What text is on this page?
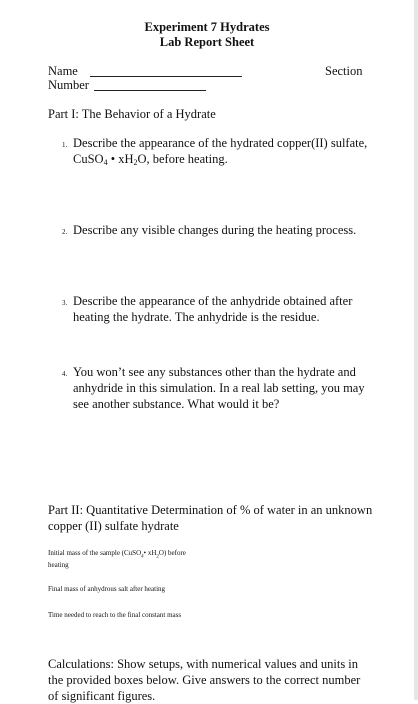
Experiment 7 Hydrates
Lab Report Sheet
Name	Section
Number
Part I: The Behavior of a Hydrate
1. Describe the appearance of the hydrated copper(II) sulfate,
CuSO$_4$ • $xH_2O$, before heating.
2. Describe any visible changes during the heating process.
3. Describe the appearance of the anhydride obtained after
heating the hydrate. The anhydride is the residue.
4. You won’t see any substances other than the hydrate and
anhydride in this simulation. In a real lab setting, you may
see another substance. What would it be?
Part II: Quantitative Determination of % of water in an unknown
copper (II) sulfate hydrate
Initial mass of the sample (CuSO$_4$• $xH_2O$) before
heating
Final mass of anhydrous salt after heating
Time needed to reach to the final constant mass
Calculations: Show setups, with numerical values and units in
the provided boxes below. Give answers to the correct number
of significant figures.
